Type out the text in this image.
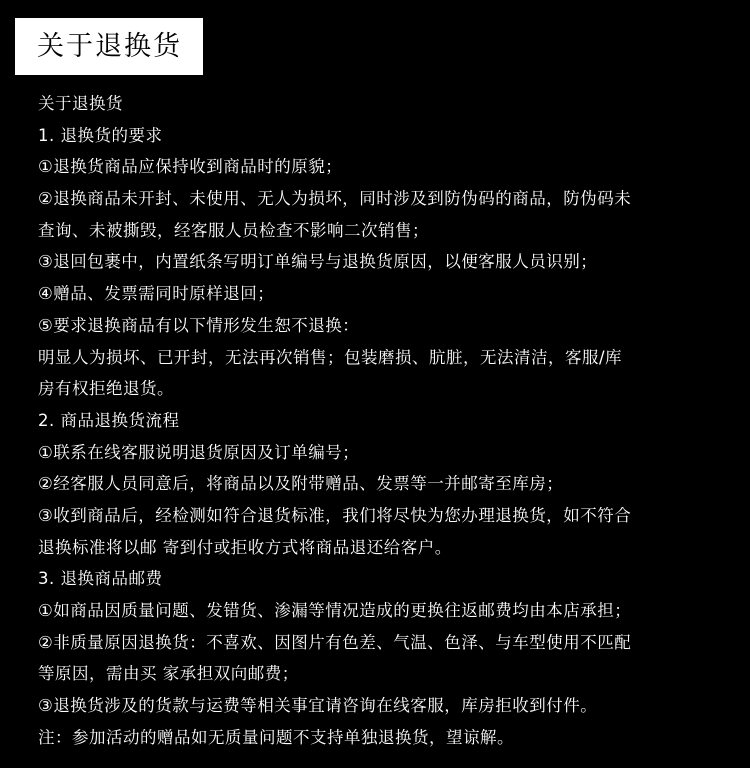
关于退换货
关于退换货
1. 退换货的要求
①退换货商品应保持收到商品时的原貌；
②退换商品未开封、未使用、无人为损坏，同时涉及到防伪码的商品，防伪码未
查询、未被撕毁，经客服人员检查不影响二次销售；
③退回包裹中，内置纸条写明订单编号与退换货原因，以便客服人员识别；
④赠品、发票需同时原样退回；
⑤要求退换商品有以下情形发生恕不退换：
明显人为损坏、已开封，无法再次销售；包装磨损、肮脏，无法清洁，客服/库
房有权拒绝退货。
2. 商品退换货流程
①联系在线客服说明退货原因及订单编号；
②经客服人员同意后，将商品以及附带赠品、发票等一并邮寄至库房；
③收到商品后，经检测如符合退货标准，我们将尽快为您办理退换货，如不符合
退换标准将以邮 寄到付或拒收方式将商品退还给客户。
3. 退换商品邮费
①如商品因质量问题、发错货、渗漏等情况造成的更换往返邮费均由本店承担；
②非质量原因退换货：不喜欢、因图片有色差、气温、色泽、与车型使用不匹配
等原因，需由买 家承担双向邮费；
③退换货涉及的货款与运费等相关事宜请咨询在线客服，库房拒收到付件。
注：参加活动的赠品如无质量问题不支持单独退换货，望谅解。
